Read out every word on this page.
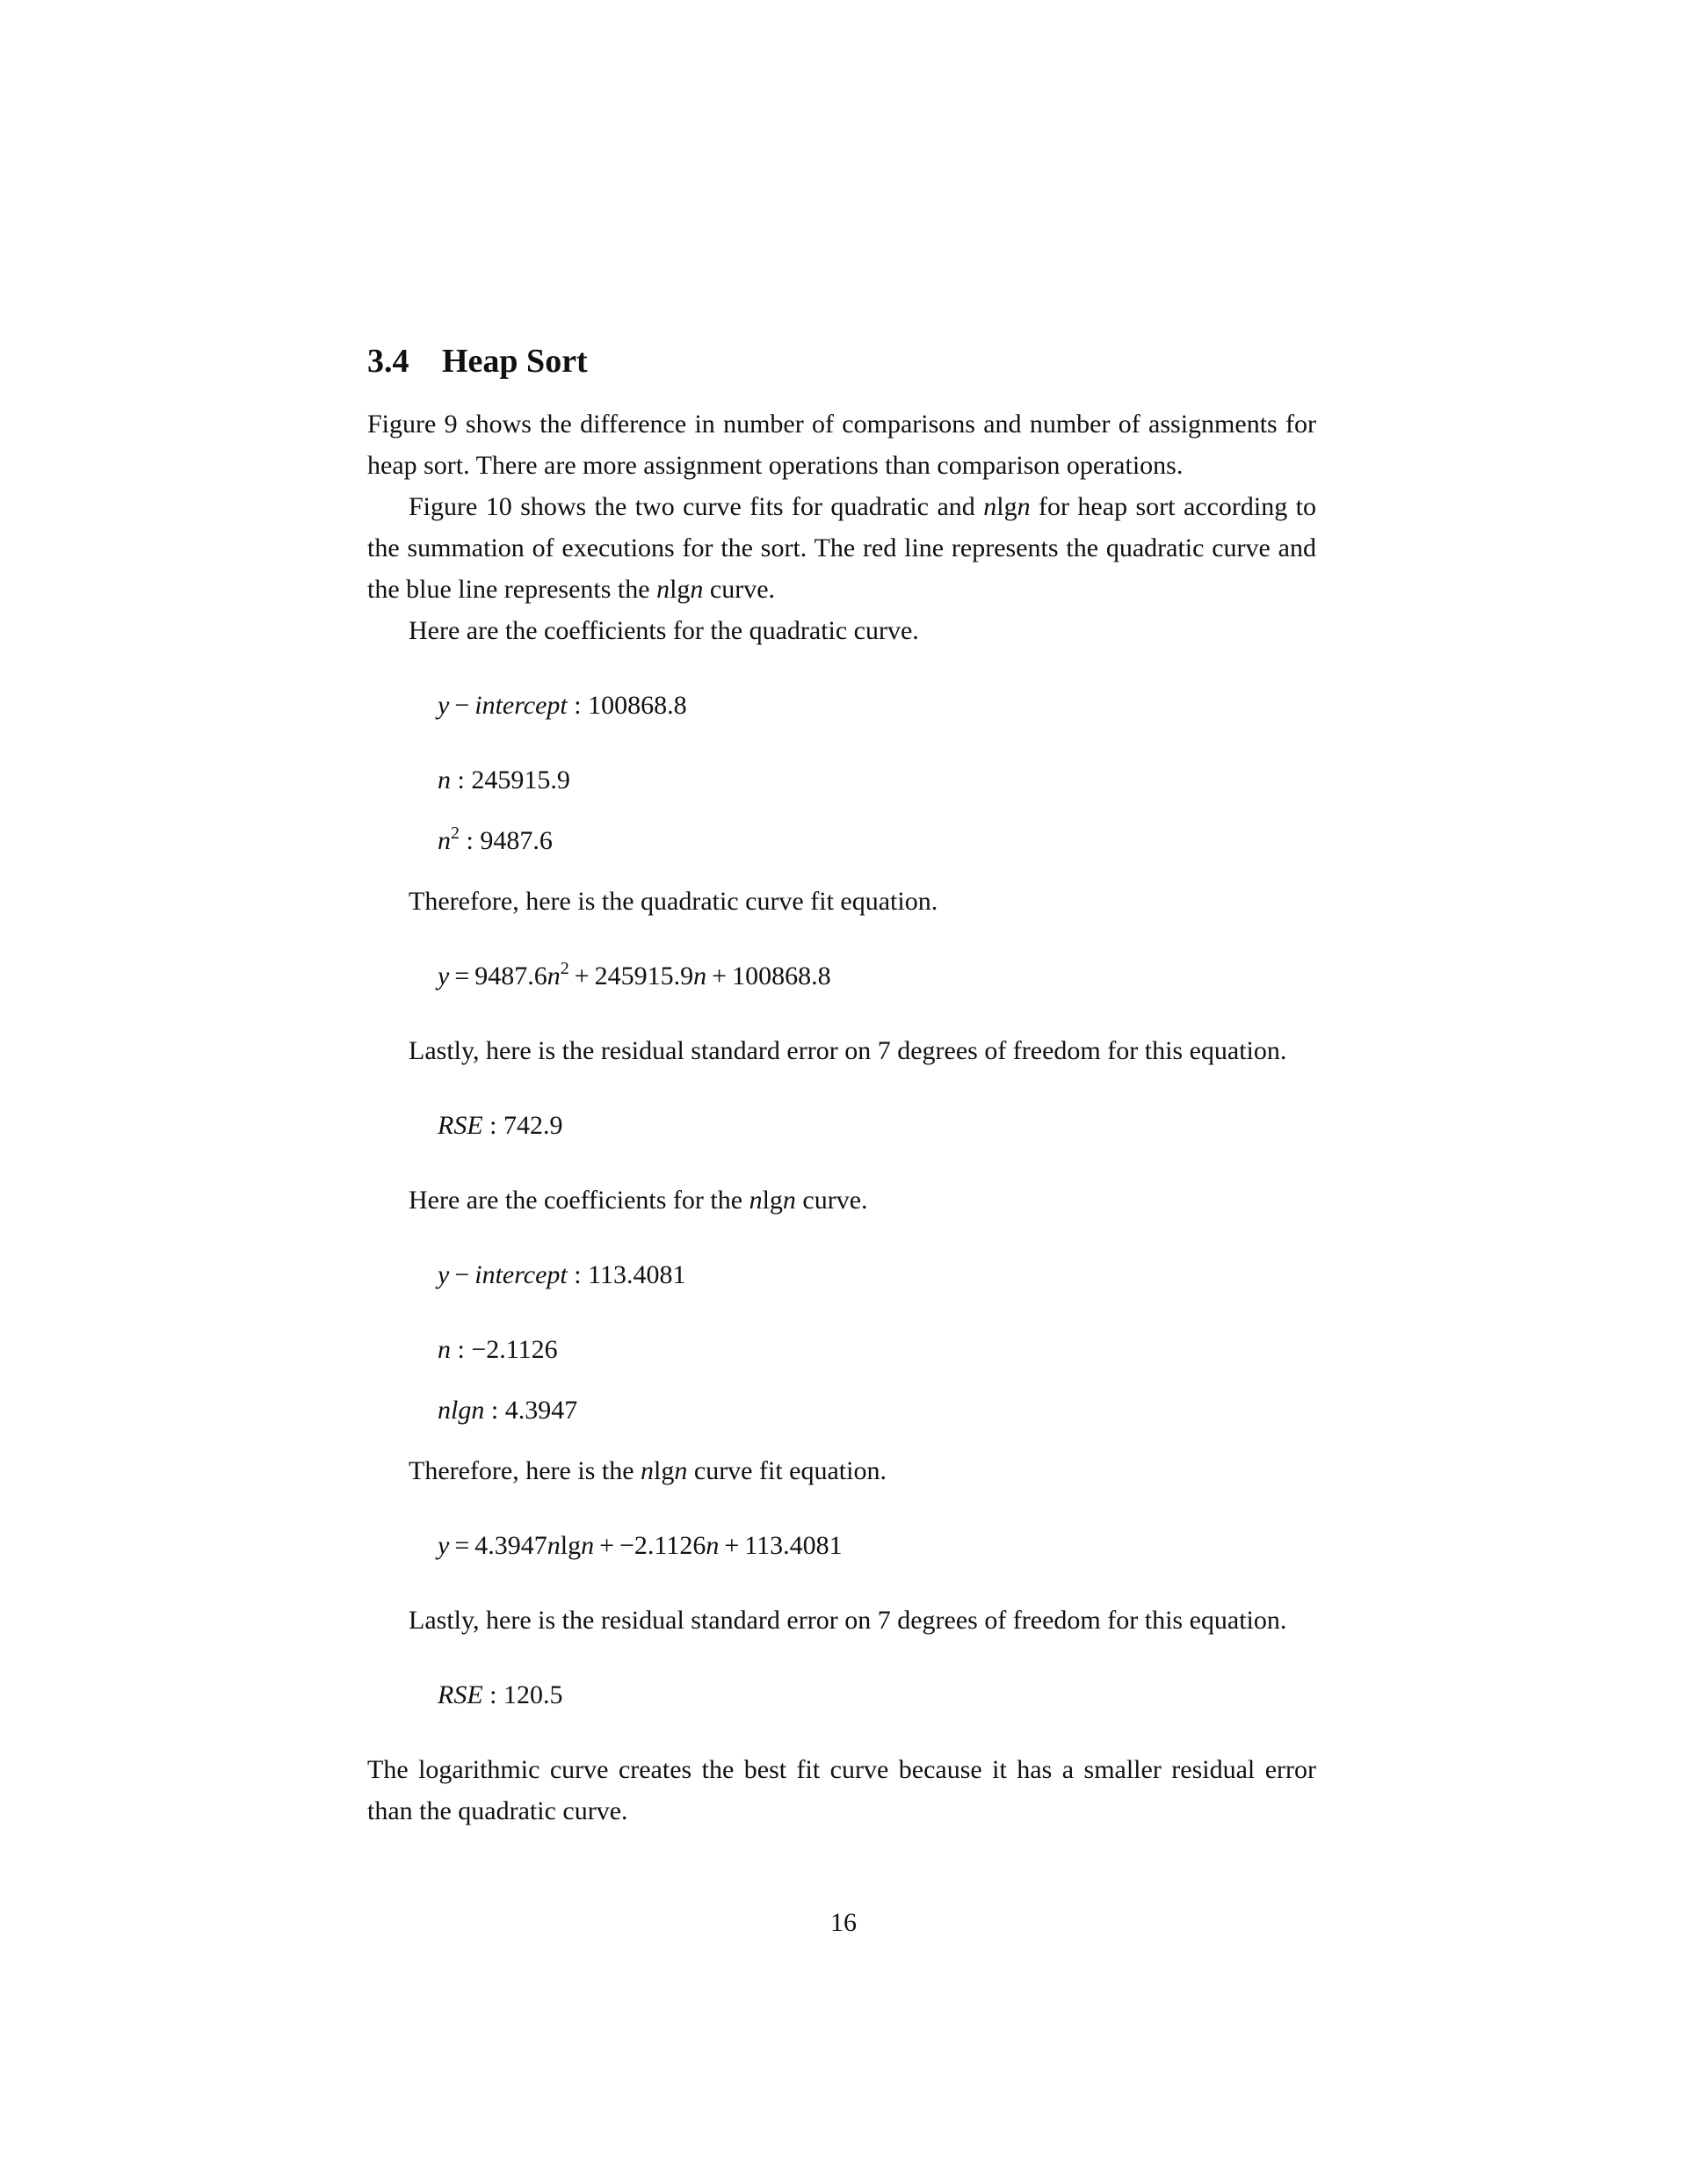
3.4 Heap Sort

Figure 9 shows the difference in number of comparisons and number of assignments for heap sort. There are more assignment operations than comparison operations.

Figure 10 shows the two curve fits for quadratic and nlgn for heap sort according to the summation of executions for the sort. The red line represents the quadratic curve and the blue line represents the nlgn curve.

Here are the coefficients for the quadratic curve.

y − intercept : 100868.8
n : 245915.9
$n^2$ : 9487.6

Therefore, here is the quadratic curve fit equation.

$y = 9487.6n^2 + 245915.9n + 100868.8$

Lastly, here is the residual standard error on 7 degrees of freedom for this equation.

RSE : 742.9

Here are the coefficients for the nlgn curve.

y − intercept : 113.4081
n : −2.1126
nlgn : 4.3947

Therefore, here is the nlgn curve fit equation.

y = 4.3947nlgn + −2.1126n + 113.4081

Lastly, here is the residual standard error on 7 degrees of freedom for this equation.

RSE : 120.5

The logarithmic curve creates the best fit curve because it has a smaller residual error than the quadratic curve.

16
